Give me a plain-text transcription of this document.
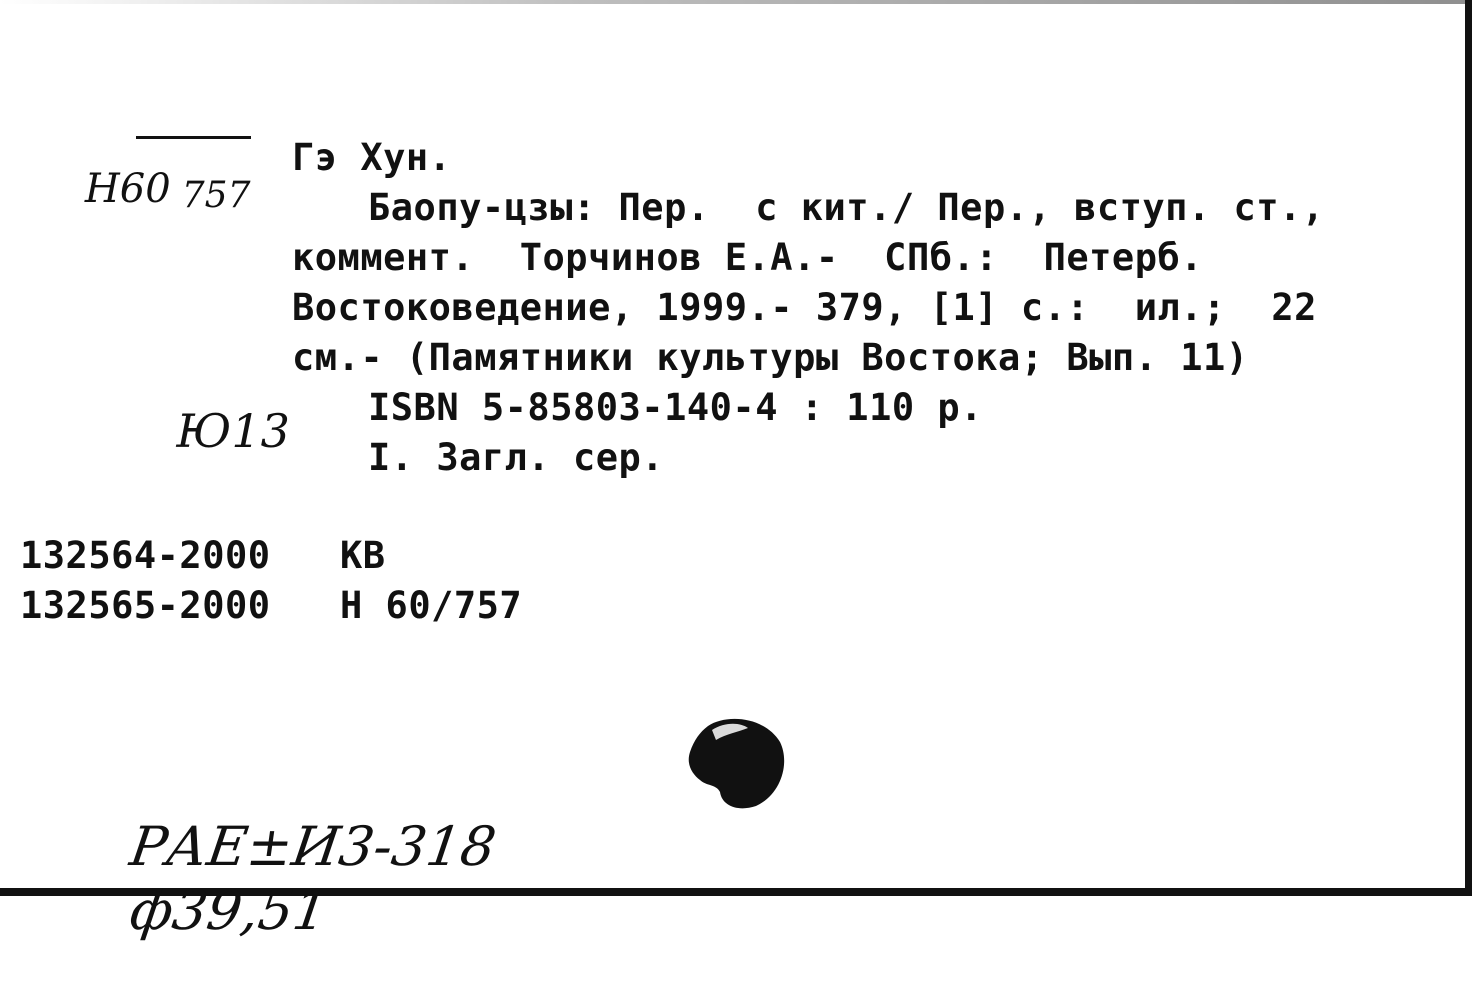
Н60
757

Ю13

Гэ Хун.
Баопу-цзы: Пер.  с кит./ Пер., вступ. ст.,
коммент.  Торчинов Е.А.-  СПб.:  Петерб.
Востоковедение, 1999.- 379, [1] с.:  ил.;  22
см.- (Памятники культуры Востока; Вып. 11)
ISBN 5-85803-140-4 : 110 р.
I. Загл. сер.
132564-2000 КВ
132565-2000 Н 60/757

РАЕ±И3-318

ф39,51
